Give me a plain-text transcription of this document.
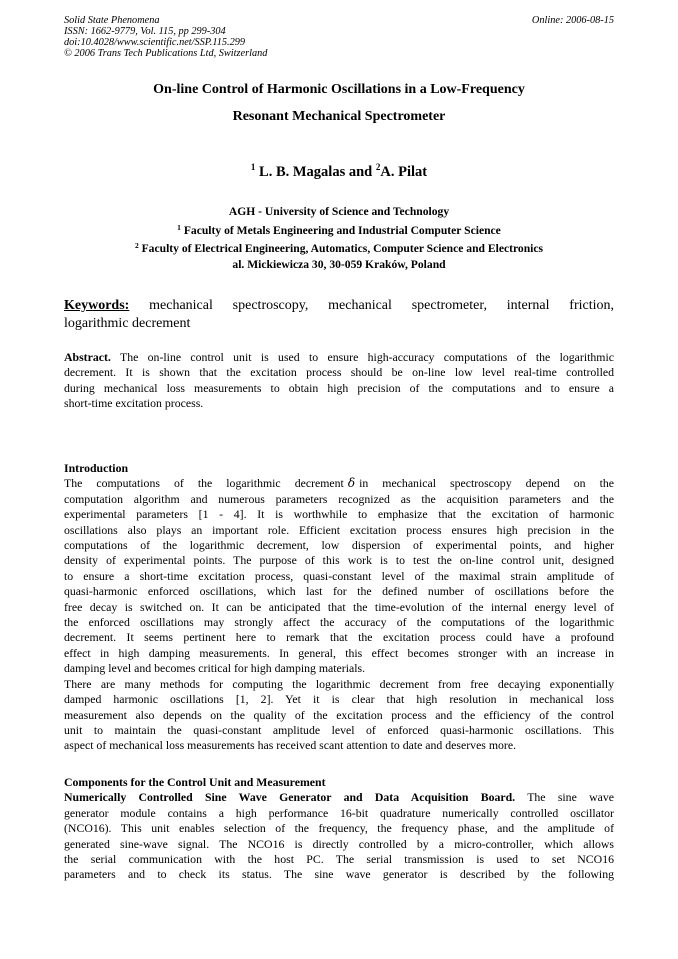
Solid State Phenomena
ISSN: 1662-9779, Vol. 115, pp 299-304
doi:10.4028/www.scientific.net/SSP.115.299
© 2006 Trans Tech Publications Ltd, Switzerland
Online: 2006-08-15
On-line Control of Harmonic Oscillations in a Low-Frequency
Resonant Mechanical Spectrometer
$^1$ L. B. Magalas and $^2$A. Pilat
AGH - University of Science and Technology
$^1$ Faculty of Metals Engineering and Industrial Computer Science
$^2$ Faculty of Electrical Engineering, Automatics, Computer Science and Electronics
al. Mickiewicza 30, 30-059 Kraków, Poland
Keywords: mechanical spectroscopy, mechanical spectrometer, internal friction,
logarithmic decrement
Abstract. The on-line control unit is used to ensure high-accuracy computations of the logarithmic
decrement. It is shown that the excitation process should be on-line low level real-time controlled
during mechanical loss measurements to obtain high precision of the computations and to ensure a
short-time excitation process.
Introduction
The computations of the logarithmic decrement δ in mechanical spectroscopy depend on the
computation algorithm and numerous parameters recognized as the acquisition parameters and the
experimental parameters [1 - 4]. It is worthwhile to emphasize that the excitation of harmonic
oscillations also plays an important role. Efficient excitation process ensures high precision in the
computations of the logarithmic decrement, low dispersion of experimental points, and higher
density of experimental points. The purpose of this work is to test the on-line control unit, designed
to ensure a short-time excitation process, quasi-constant level of the maximal strain amplitude of
quasi-harmonic enforced oscillations, which last for the defined number of oscillations before the
free decay is switched on. It can be anticipated that the time-evolution of the internal energy level of
the enforced oscillations may strongly affect the accuracy of the computations of the logarithmic
decrement. It seems pertinent here to remark that the excitation process could have a profound
effect in high damping measurements. In general, this effect becomes stronger with an increase in
damping level and becomes critical for high damping materials.
There are many methods for computing the logarithmic decrement from free decaying exponentially
damped harmonic oscillations [1, 2]. Yet it is clear that high resolution in mechanical loss
measurement also depends on the quality of the excitation process and the efficiency of the control
unit to maintain the quasi-constant amplitude level of enforced quasi-harmonic oscillations. This
aspect of mechanical loss measurements has received scant attention to date and deserves more.
Components for the Control Unit and Measurement
Numerically Controlled Sine Wave Generator and Data Acquisition Board. The sine wave
generator module contains a high performance 16-bit quadrature numerically controlled oscillator
(NCO16). This unit enables selection of the frequency, the frequency phase, and the amplitude of
generated sine-wave signal. The NCO16 is directly controlled by a micro-controller, which allows
the serial communication with the host PC. The serial transmission is used to set NCO16
parameters and to check its status. The sine wave generator is described by the following
